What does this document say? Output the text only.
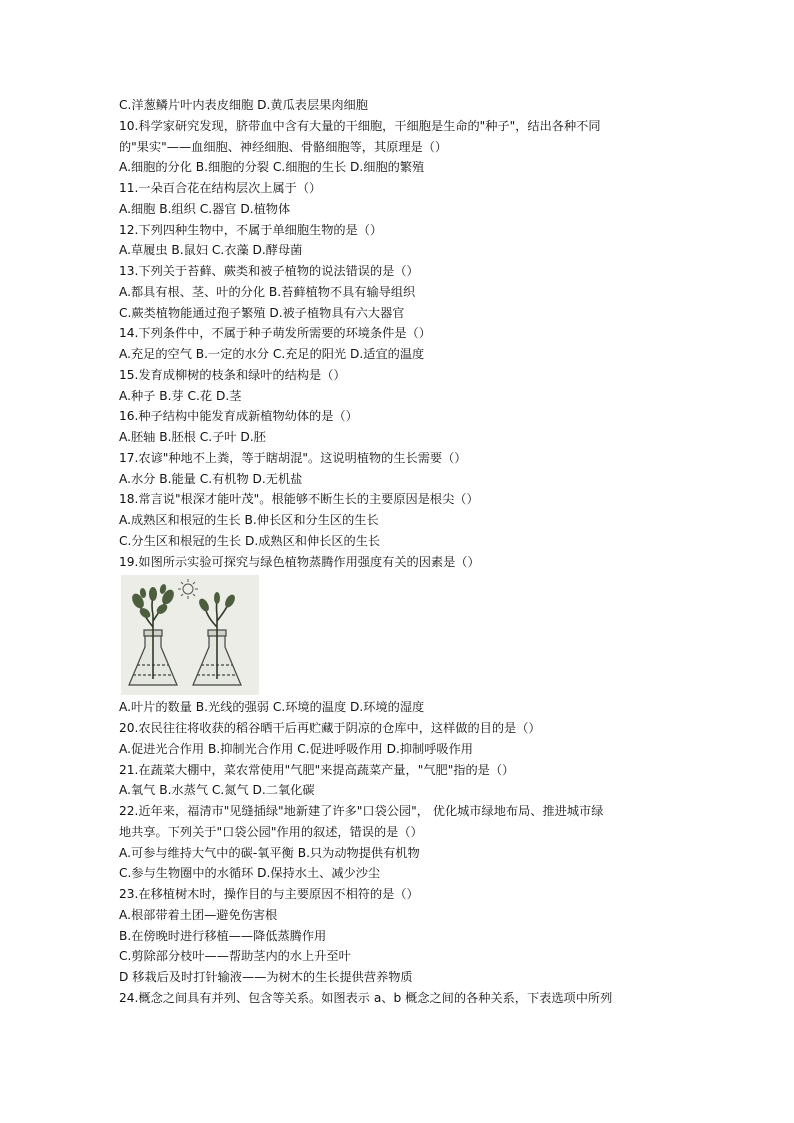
C.洋葱鳞片叶内表皮细胞 D.黄瓜表层果肉细胞
10.科学家研究发现，脐带血中含有大量的干细胞，干细胞是生命的"种子"，结出各种不同
的"果实"——血细胞、神经细胞、骨骼细胞等，其原理是（）
A.细胞的分化 B.细胞的分裂 C.细胞的生长 D.细胞的繁殖
11.一朵百合花在结构层次上属于（）
A.细胞 B.组织 C.器官 D.植物体
12.下列四种生物中，不属于单细胞生物的是（）
A.草履虫 B.鼠妇 C.衣藻 D.酵母菌
13.下列关于苔藓、蕨类和被子植物的说法错误的是（）
A.都具有根、茎、叶的分化 B.苔藓植物不具有输导组织
C.蕨类植物能通过孢子繁殖 D.被子植物具有六大器官
14.下列条件中，不属于种子萌发所需要的环境条件是（）
A.充足的空气 B.一定的水分 C.充足的阳光 D.适宜的温度
15.发育成柳树的枝条和绿叶的结构是（）
A.种子 B.芽 C.花 D.茎
16.种子结构中能发育成新植物幼体的是（）
A.胚轴 B.胚根 C.子叶 D.胚
17.农谚"种地不上粪，等于瞎胡混"。这说明植物的生长需要（）
A.水分 B.能量 C.有机物 D.无机盐
18.常言说"根深才能叶茂"。根能够不断生长的主要原因是根尖（）
A.成熟区和根冠的生长 B.伸长区和分生区的生长
C.分生区和根冠的生长 D.成熟区和伸长区的生长
19.如图所示实验可探究与绿色植物蒸腾作用强度有关的因素是（）
A.叶片的数量 B.光线的强弱 C.环境的温度 D.环境的湿度
20.农民往往将收获的稻谷晒干后再贮藏于阴凉的仓库中，这样做的目的是（）
A.促进光合作用 B.抑制光合作用 C.促进呼吸作用 D.抑制呼吸作用
21.在蔬菜大棚中，菜农常使用"气肥"来提高蔬菜产量，"气肥"指的是（）
A.氧气 B.水蒸气 C.氮气 D.二氧化碳
22.近年来，福清市"见缝插绿"地新建了许多"口袋公园"， 优化城市绿地布局、推进城市绿
地共享。下列关于"口袋公园"作用的叙述，错误的是（）
A.可参与维持大气中的碳-氧平衡 B.只为动物提供有机物
C.参与生物圈中的水循环 D.保持水土、减少沙尘
23.在移植树木时，操作目的与主要原因不相符的是（）
A.根部带着土团—避免伤害根
B.在傍晚时进行移植——降低蒸腾作用
C.剪除部分枝叶——帮助茎内的水上升至叶
D 移栽后及时打针输液——为树木的生长提供营养物质
24.概念之间具有并列、包含等关系。如图表示 a、b 概念之间的各种关系，下表选项中所列
